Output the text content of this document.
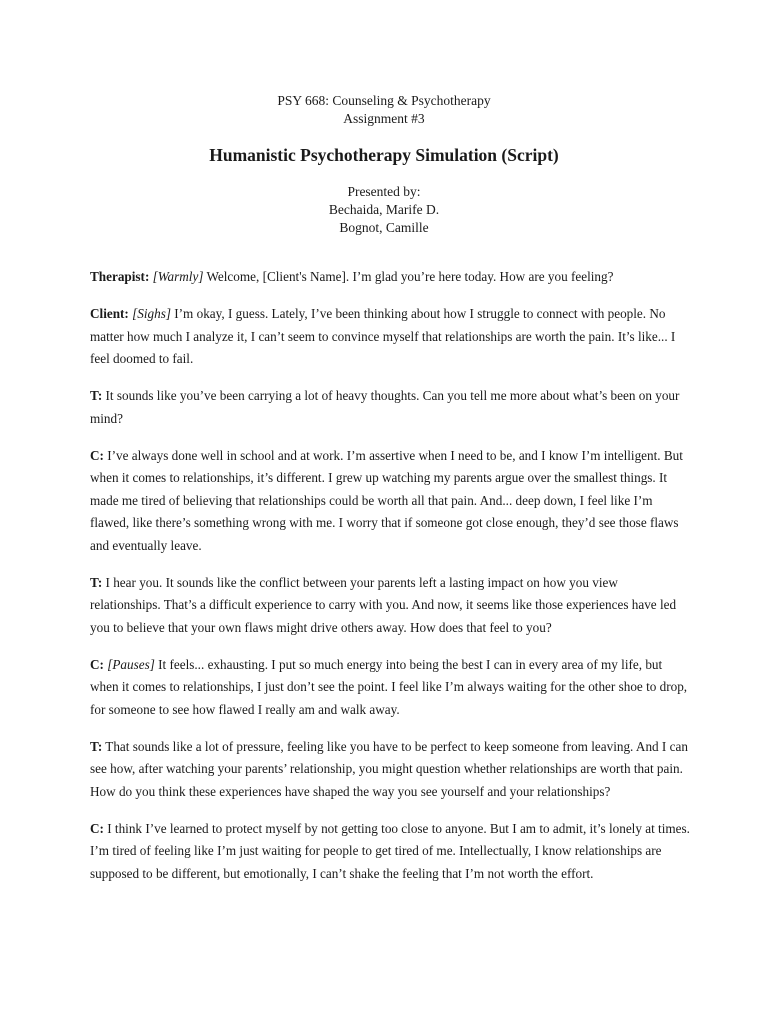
PSY 668: Counseling & Psychotherapy
Assignment #3
Humanistic Psychotherapy Simulation (Script)
Presented by:
Bechaida, Marife D.
Bognot, Camille

Therapist: [Warmly] Welcome, [Client's Name]. I’m glad you’re here today. How are you feeling?

Client: [Sighs] I’m okay, I guess. Lately, I’ve been thinking about how I struggle to connect with people. No matter how much I analyze it, I can’t seem to convince myself that relationships are worth the pain. It’s like... I feel doomed to fail.

T: It sounds like you’ve been carrying a lot of heavy thoughts. Can you tell me more about what’s been on your mind?

C: I’ve always done well in school and at work. I’m assertive when I need to be, and I know I’m intelligent. But when it comes to relationships, it’s different. I grew up watching my parents argue over the smallest things. It made me tired of believing that relationships could be worth all that pain. And... deep down, I feel like I’m flawed, like there’s something wrong with me. I worry that if someone got close enough, they’d see those flaws and eventually leave.

T: I hear you. It sounds like the conflict between your parents left a lasting impact on how you view relationships. That’s a difficult experience to carry with you. And now, it seems like those experiences have led you to believe that your own flaws might drive others away. How does that feel to you?

C: [Pauses] It feels... exhausting. I put so much energy into being the best I can in every area of my life, but when it comes to relationships, I just don’t see the point. I feel like I’m always waiting for the other shoe to drop, for someone to see how flawed I really am and walk away.

T: That sounds like a lot of pressure, feeling like you have to be perfect to keep someone from leaving. And I can see how, after watching your parents’ relationship, you might question whether relationships are worth that pain. How do you think these experiences have shaped the way you see yourself and your relationships?

C: I think I’ve learned to protect myself by not getting too close to anyone. But I am to admit, it’s lonely at times. I’m tired of feeling like I’m just waiting for people to get tired of me. Intellectually, I know relationships are supposed to be different, but emotionally, I can’t shake the feeling that I’m not worth the effort.
